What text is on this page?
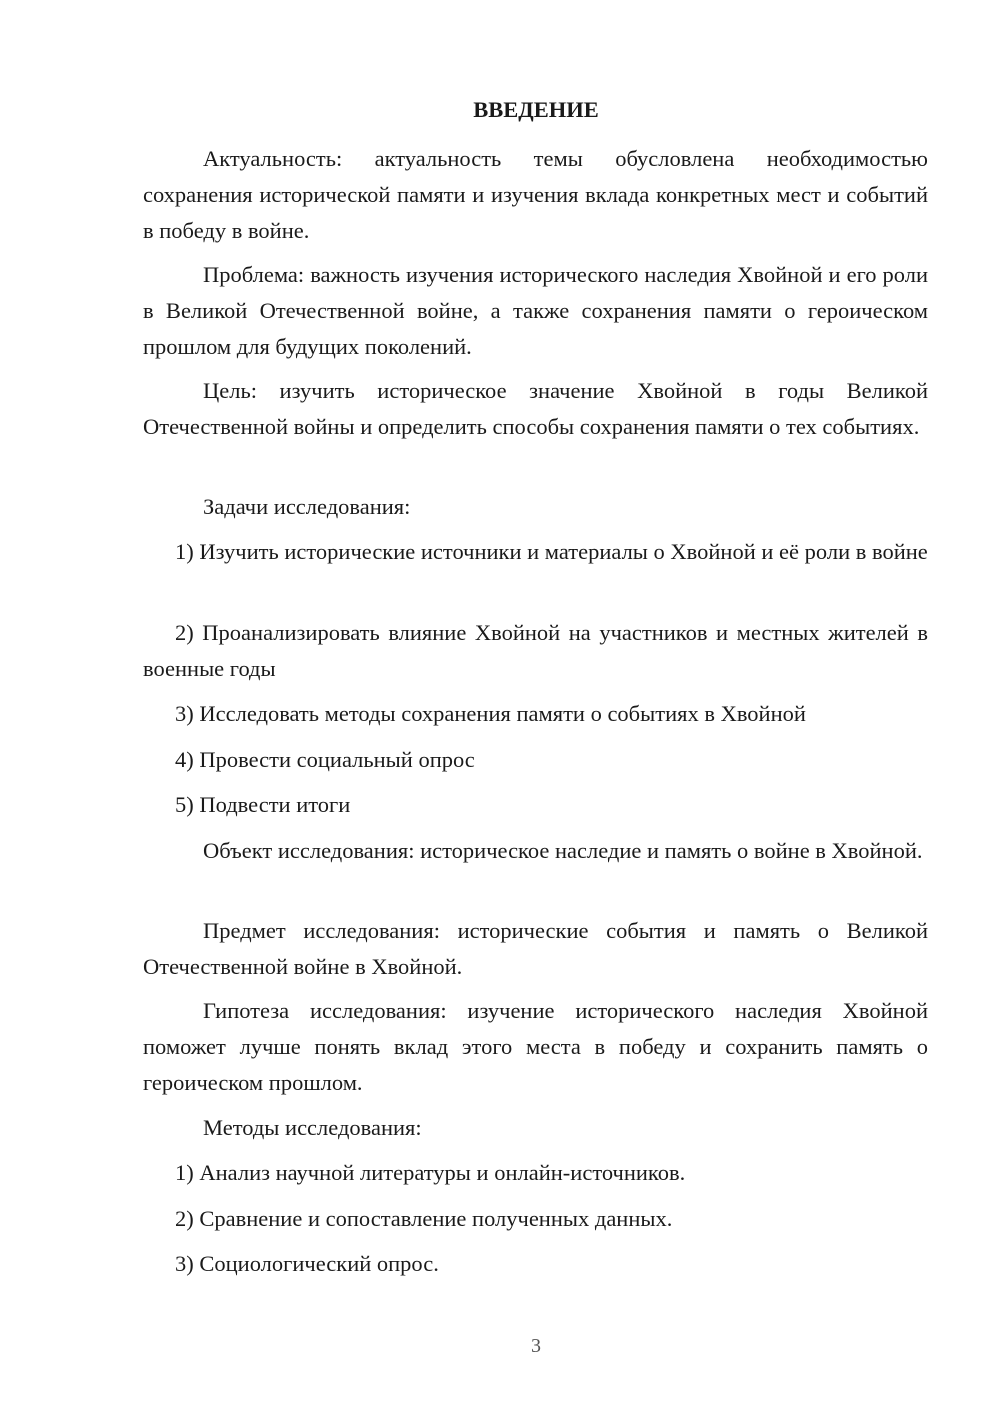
ВВЕДЕНИЕ

Актуальность: актуальность темы обусловлена необходимостью сохранения исторической памяти и изучения вклада конкретных мест и событий в победу в войне.

Проблема: важность изучения исторического наследия Хвойной и его роли в Великой Отечественной войне, а также сохранения памяти о героическом прошлом для будущих поколений.

Цель: изучить историческое значение Хвойной в годы Великой Отечественной войны и определить способы сохранения памяти о тех событиях.

Задачи исследования:

1) Изучить исторические источники и материалы о Хвойной и её роли в войне

2) Проанализировать влияние Хвойной на участников и местных жителей в военные годы

3) Исследовать методы сохранения памяти о событиях в Хвойной

4) Провести социальный опрос

5) Подвести итоги

Объект исследования: историческое наследие и память о войне в Хвойной.

Предмет исследования: исторические события и память о Великой Отечественной войне в Хвойной.

Гипотеза исследования: изучение исторического наследия Хвойной поможет лучше понять вклад этого места в победу и сохранить память о героическом прошлом.

Методы исследования:

1) Анализ научной литературы и онлайн-источников.

2) Сравнение и сопоставление полученных данных.

3) Социологический опрос.

3
